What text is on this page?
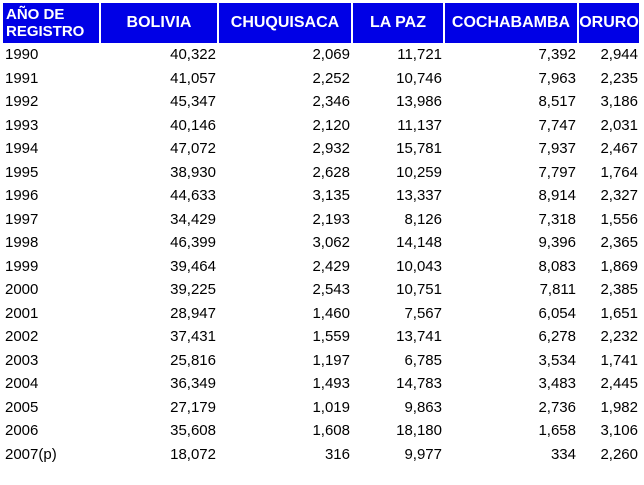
AÑO DE REGISTRO	BOLIVIA	CHUQUISACA	LA PAZ	COCHABAMBA	ORURO
1990	40,322	2,069	11,721	7,392	2,944
1991	41,057	2,252	10,746	7,963	2,235
1992	45,347	2,346	13,986	8,517	3,186
1993	40,146	2,120	11,137	7,747	2,031
1994	47,072	2,932	15,781	7,937	2,467
1995	38,930	2,628	10,259	7,797	1,764
1996	44,633	3,135	13,337	8,914	2,327
1997	34,429	2,193	8,126	7,318	1,556
1998	46,399	3,062	14,148	9,396	2,365
1999	39,464	2,429	10,043	8,083	1,869
2000	39,225	2,543	10,751	7,811	2,385
2001	28,947	1,460	7,567	6,054	1,651
2002	37,431	1,559	13,741	6,278	2,232
2003	25,816	1,197	6,785	3,534	1,741
2004	36,349	1,493	14,783	3,483	2,445
2005	27,179	1,019	9,863	2,736	1,982
2006	35,608	1,608	18,180	1,658	3,106
2007(p)	18,072	316	9,977	334	2,260
